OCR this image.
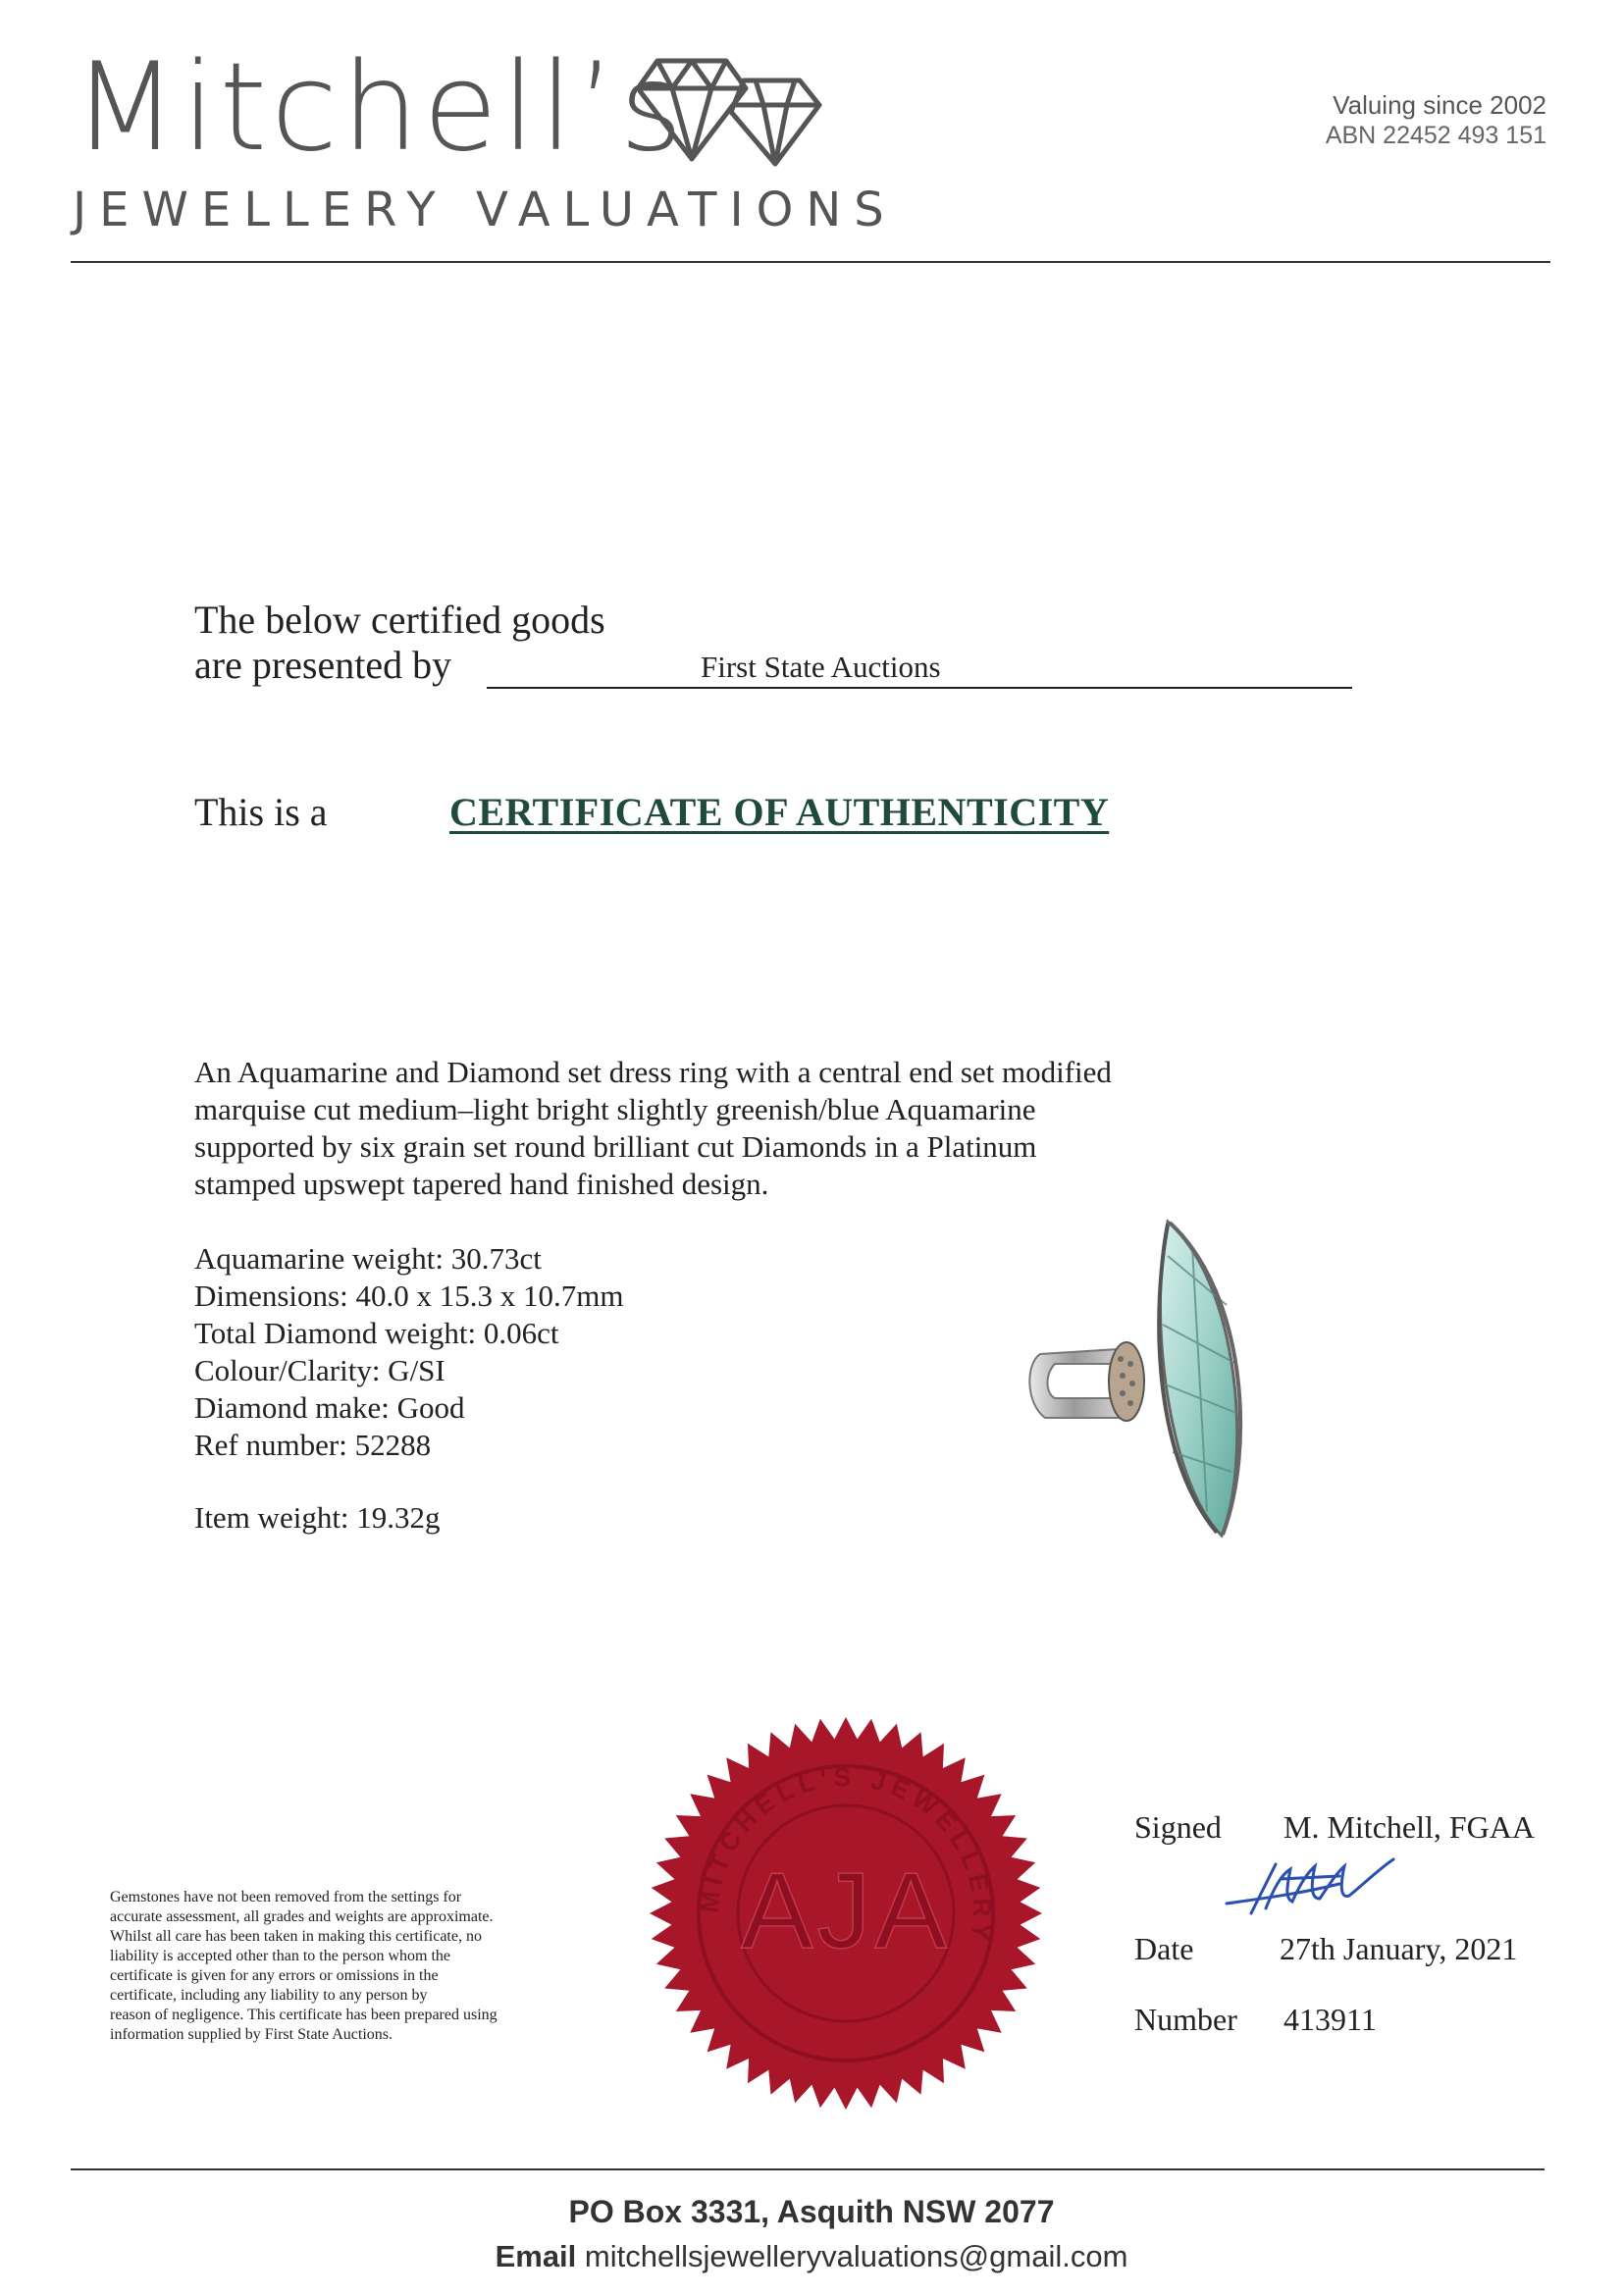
Mitchell’s
JEWELLERY VALUATIONS
Valuing since 2002
ABN 22452 493 151
The below certified goods
are presented by	First State Auctions
This is a	CERTIFICATE OF AUTHENTICITY
An Aquamarine and Diamond set dress ring with a central end set modified
marquise cut medium–light bright slightly greenish/blue Aquamarine
supported by six grain set round brilliant cut Diamonds in a Platinum
stamped upswept tapered hand finished design.
Aquamarine weight: 30.73ct
Dimensions: 40.0 x 15.3 x 10.7mm
Total Diamond weight: 0.06ct
Colour/Clarity: G/SI
Diamond make: Good
Ref number: 52288
Item weight: 19.32g
Gemstones have not been removed from the settings for
accurate assessment, all grades and weights are approximate.
Whilst all care has been taken in making this certificate, no
liability is accepted other than to the person whom the
certificate is given for any errors or omissions in the
certificate, including any liability to any person by
reason of negligence. This certificate has been prepared using
information supplied by First State Auctions.
MITCHELL'S JEWELLERY
AJA
Signed M. Mitchell, FGAA
Date	27th January, 2021
Number 413911
PO Box 3331, Asquith NSW 2077
Email mitchellsjewelleryvaluations@gmail.com
